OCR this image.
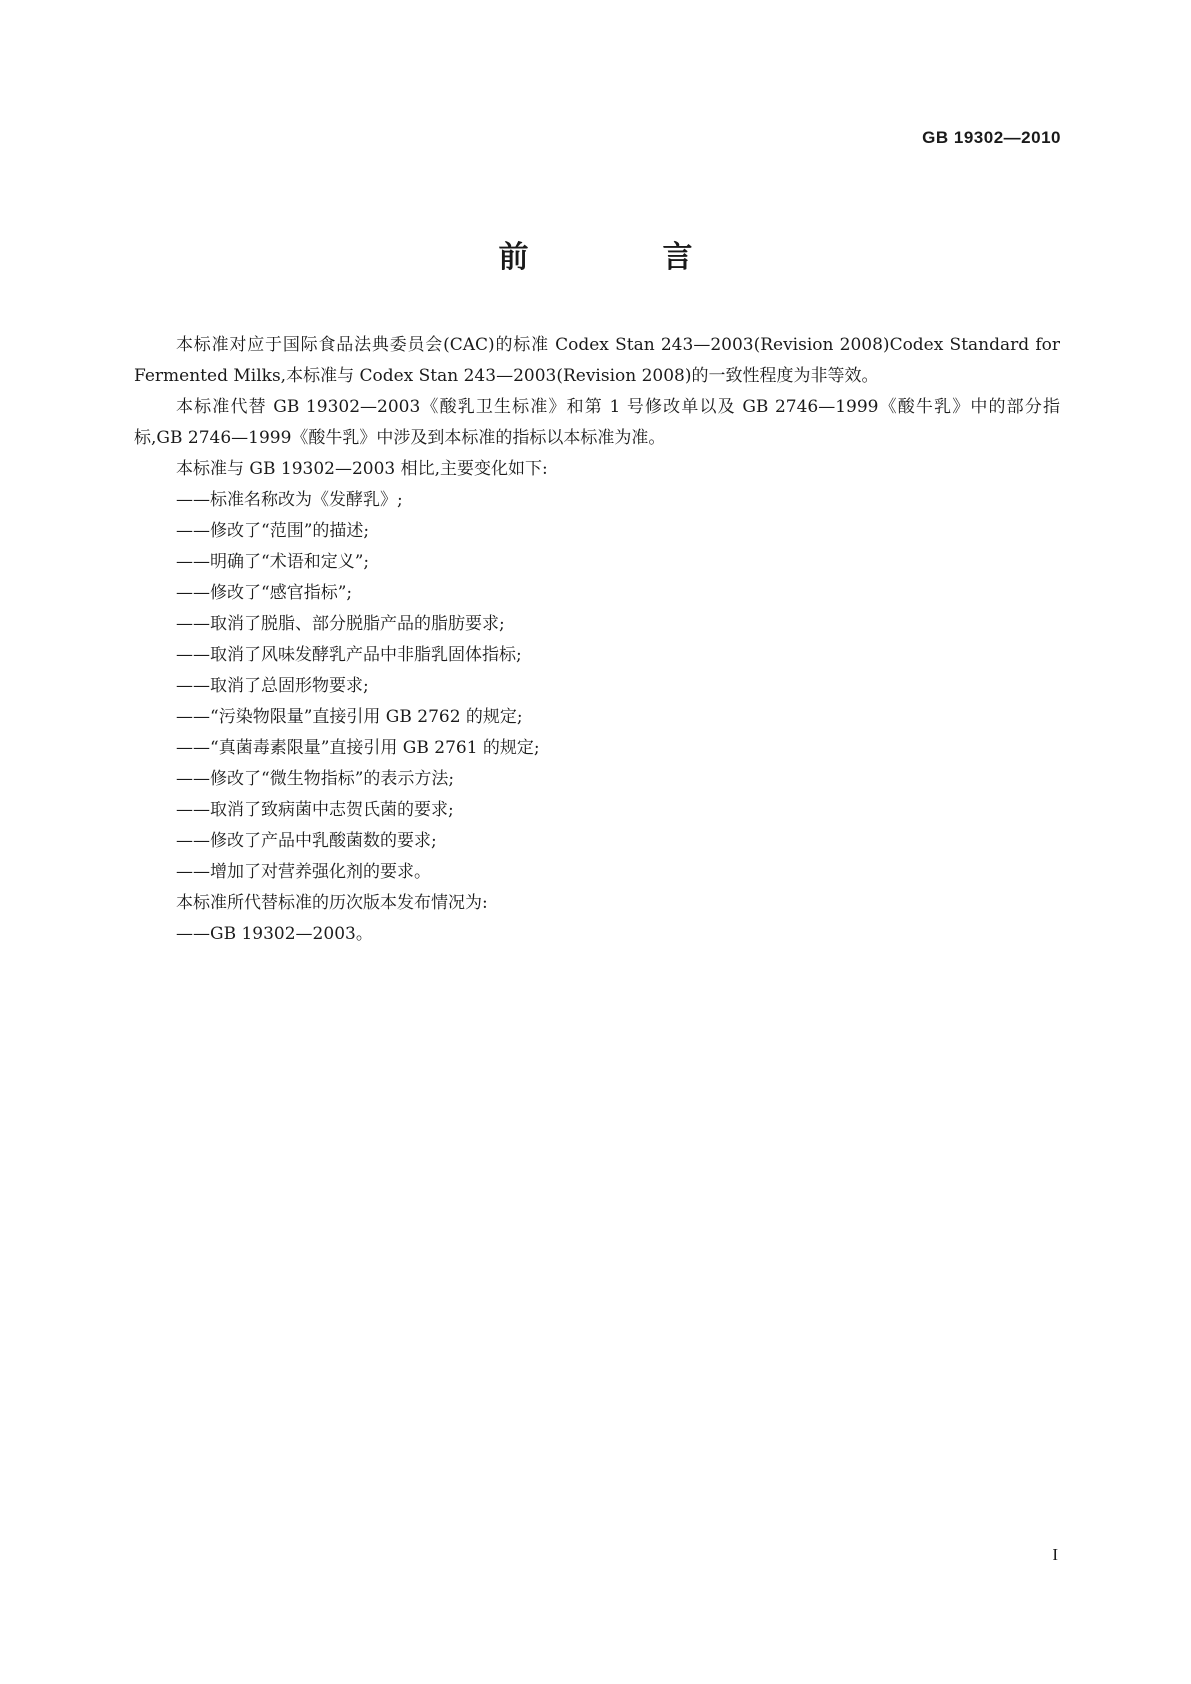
GB 19302—2010
前　言

本标准对应于国际食品法典委员会(CAC)的标准 Codex Stan 243—2003(Revision 2008)Codex Standard for Fermented Milks,本标准与 Codex Stan 243—2003(Revision 2008)的一致性程度为非等效。

本标准代替 GB 19302—2003《酸乳卫生标准》和第 1 号修改单以及 GB 2746—1999《酸牛乳》中的部分指标,GB 2746—1999《酸牛乳》中涉及到本标准的指标以本标准为准。

本标准与 GB 19302—2003 相比,主要变化如下:

——标准名称改为《发酵乳》;
——修改了“范围”的描述;
——明确了“术语和定义”;
——修改了“感官指标”;
——取消了脱脂、部分脱脂产品的脂肪要求;
——取消了风味发酵乳产品中非脂乳固体指标;
——取消了总固形物要求;
——“污染物限量”直接引用 GB 2762 的规定;
——“真菌毒素限量”直接引用 GB 2761 的规定;
——修改了“微生物指标”的表示方法;
——取消了致病菌中志贺氏菌的要求;
——修改了产品中乳酸菌数的要求;
——增加了对营养强化剂的要求。

本标准所代替标准的历次版本发布情况为:

——GB 19302—2003。
I
